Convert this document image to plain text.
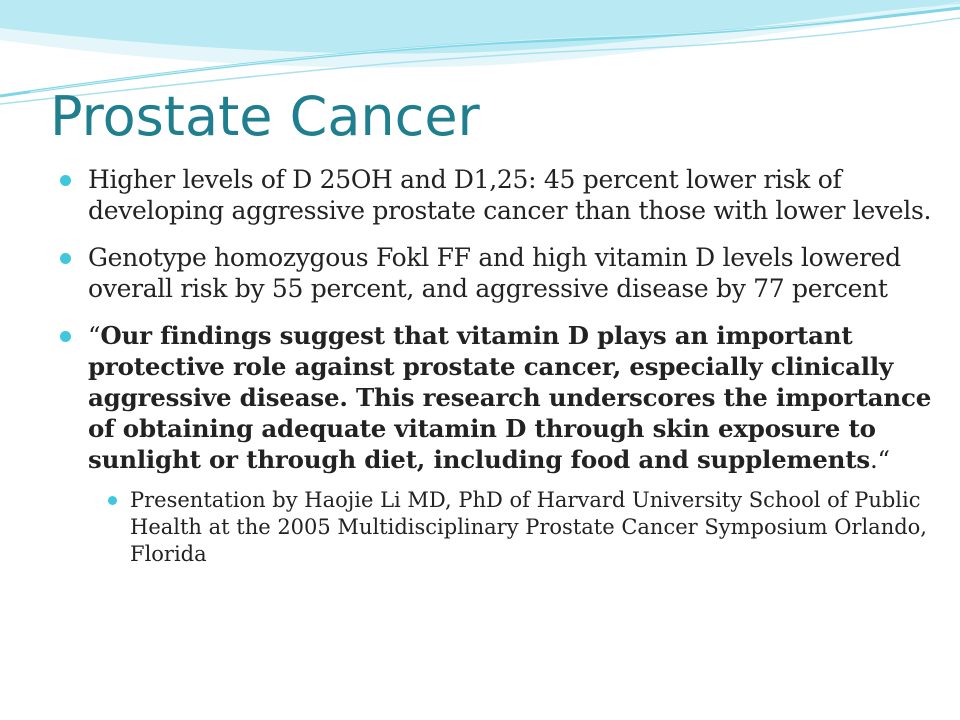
Prostate Cancer
Higher levels of D 25OH and D1,25: 45 percent lower risk of developing aggressive prostate cancer than those with lower levels.
Genotype homozygous Fokl FF and high vitamin D levels lowered overall risk by 55 percent, and aggressive disease by 77 percent
“Our findings suggest that vitamin D plays an important protective role against prostate cancer, especially clinically aggressive disease. This research underscores the importance of obtaining adequate vitamin D through skin exposure to sunlight or through diet, including food and supplements.“
Presentation by Haojie Li MD, PhD of Harvard University School of Public Health at the 2005 Multidisciplinary Prostate Cancer Symposium Orlando, Florida
